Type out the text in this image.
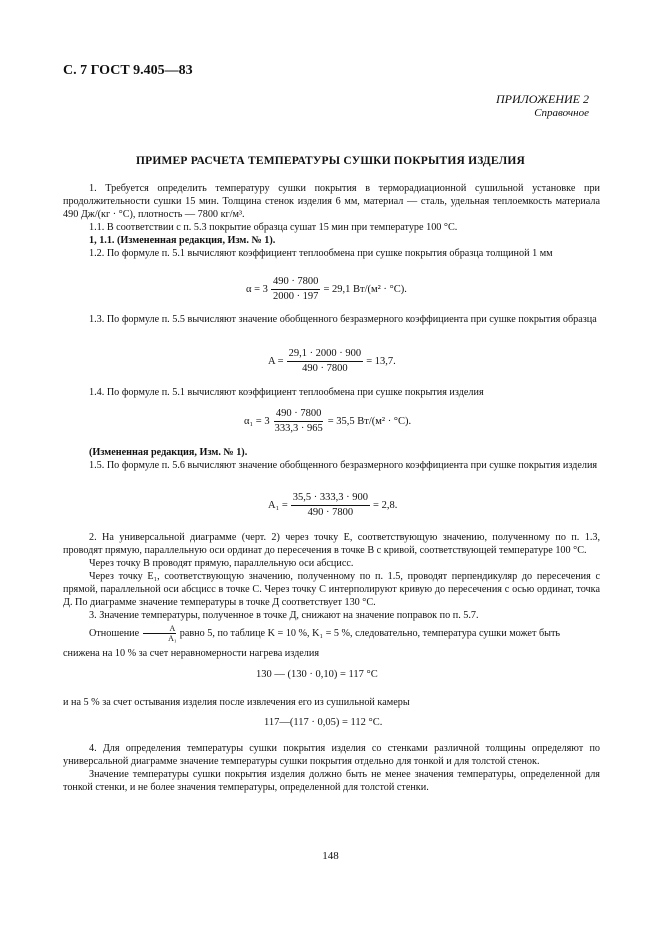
С. 7 ГОСТ 9.405—83
ПРИЛОЖЕНИЕ 2
Справочное
ПРИМЕР РАСЧЕТА ТЕМПЕРАТУРЫ СУШКИ ПОКРЫТИЯ ИЗДЕЛИЯ

1. Требуется определить температуру сушки покрытия в терморадиационной сушильной установке при продолжительности сушки 15 мин. Толщина стенок изделия 6 мм, материал — сталь, удельная теплоемкость материала 490 Дж/(кг · °С), плотность — 7800 кг/м³.

1.1. В соответствии с п. 5.3 покрытие образца сушат 15 мин при температуре 100 °С.

1, 1.1. (Измененная редакция, Изм. № 1).

1.2. По формуле п. 5.1 вычисляют коэффициент теплообмена при сушке покрытия образца толщиной 1 мм

$\alpha = 3 \frac{490 \cdot 7800}{2000 \cdot 197} = 29,1$ Вт/(м² · °С).

1.3. По формуле п. 5.5 вычисляют значение обобщенного безразмерного коэффициента при сушке покрытия образца

$A = \frac{29,1 \cdot 2000 \cdot 900}{490 \cdot 7800} = 13,7$.

1.4. По формуле п. 5.1 вычисляют коэффициент теплообмена при сушке покрытия изделия

$\alpha_1 = 3 \frac{490 \cdot 7800}{333,3 \cdot 965} = 35,5$ Вт/(м² · °С).

(Измененная редакция, Изм. № 1).

1.5. По формуле п. 5.6 вычисляют значение обобщенного безразмерного коэффициента при сушке покрытия изделия

$A_1 = \frac{35,5 \cdot 333,3 \cdot 900}{490 \cdot 7800} = 2,8$.

2. На универсальной диаграмме (черт. 2) через точку Е, соответствующую значению, полученному по п. 1.3, проводят прямую, параллельную оси ординат до пересечения в точке В с кривой, соответствующей температуре 100 °С.

Через точку В проводят прямую, параллельную оси абсцисс.

Через точку Е₁, соответствующую значению, полученному по п. 1.5, проводят перпендикуляр до пересечения с прямой, параллельной оси абсцисс в точке С. Через точку С интерполируют кривую до пересечения с осью ординат, точка Д. По диаграмме значение температуры в точке Д соответствует 130 °С.

3. Значение температуры, полученное в точке Д, снижают на значение поправок по п. 5.7.

Отношение $\frac{A}{\text{A₁}}$ равно 5, по таблице K = 10 %, K₁ = 5 %, следовательно, температура сушки может быть

снижена на 10 % за счет неравномерности нагрева изделия

130 — (130 · 0,10) = 117 °С

и на 5 % за счет остывания изделия после извлечения его из сушильной камеры

117—(117 · 0,05) = 112 °С.

4. Для определения температуры сушки покрытия изделия со стенками различной толщины определяют по универсальной диаграмме значение температуры сушки покрытия отдельно для тонкой и для толстой стенок.

Значение температуры сушки покрытия изделия должно быть не менее значения температуры, определенной для тонкой стенки, и не более значения температуры, определенной для толстой стенки.

148
